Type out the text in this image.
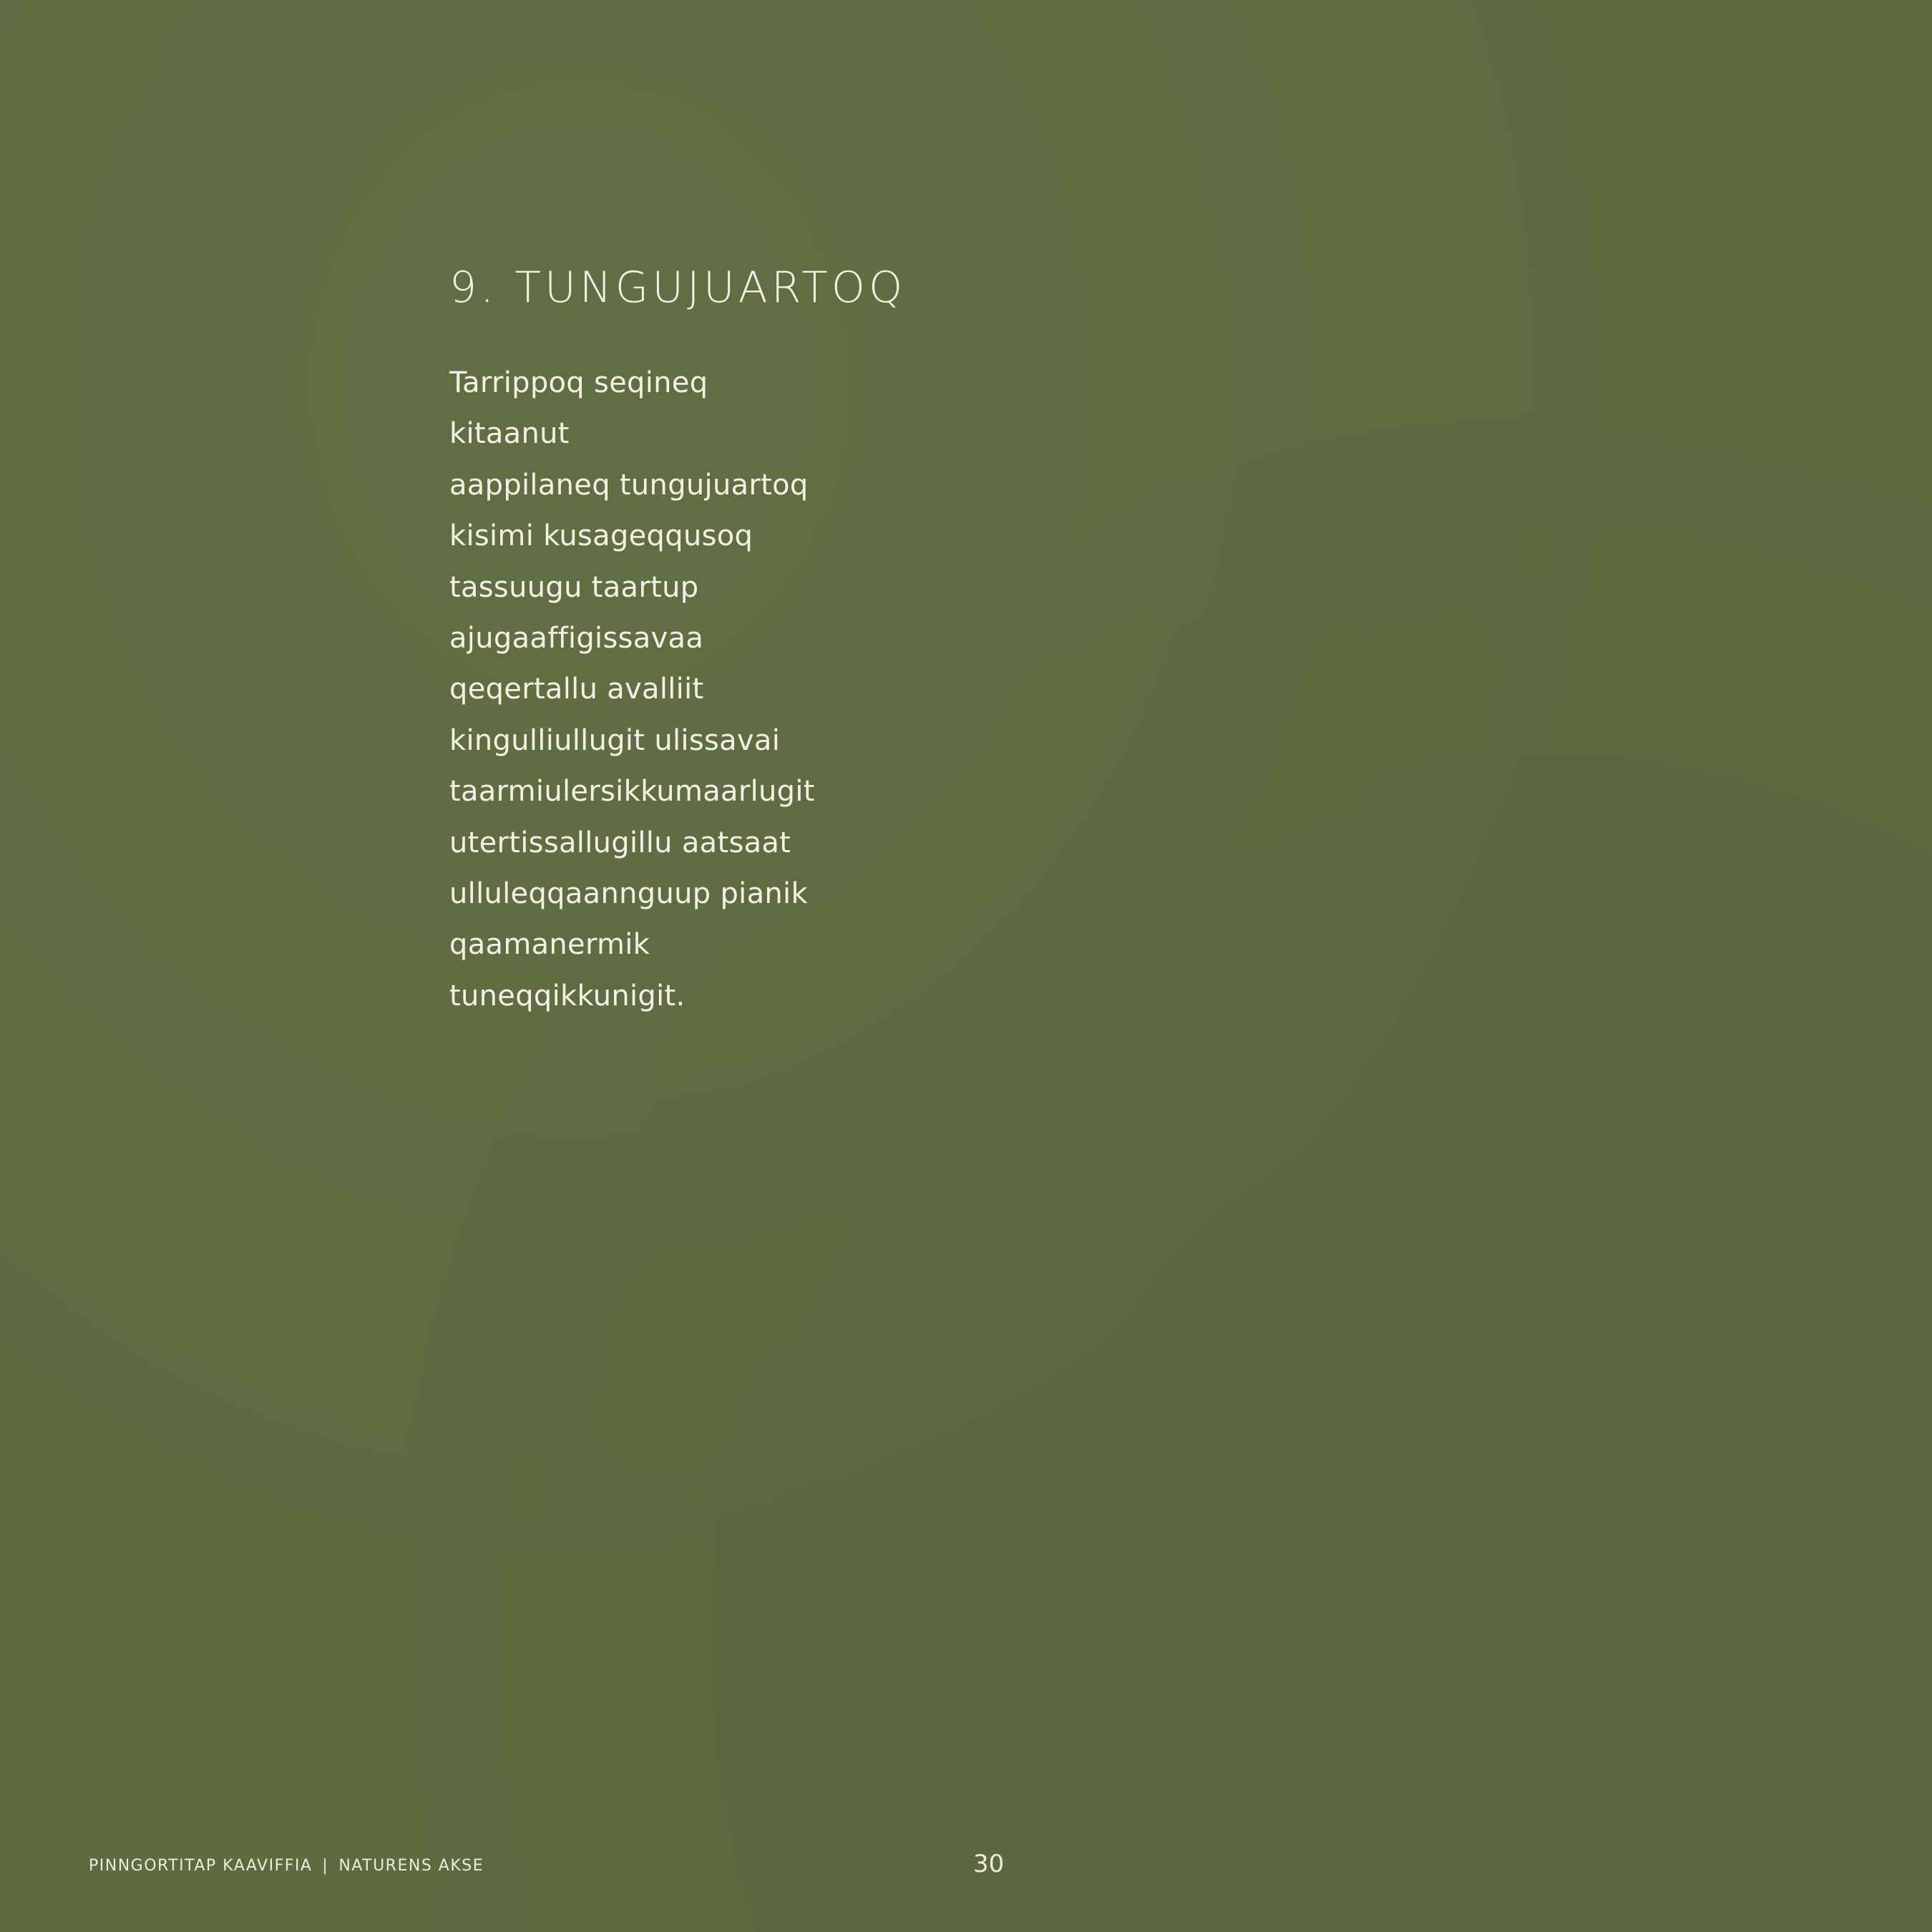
9. TUNGUJUARTOQ
Tarrippoq seqineq
kitaanut
aappilaneq tungujuartoq
kisimi kusageqqusoq
tassuugu taartup
ajugaaffigissavaa
qeqertallu avalliit
kingulliullugit ulissavai
taarmiulersikkumaarlugit
utertissallugillu aatsaat
ulluleqqaannguup pianik
qaamanermik
tuneqqikkunigit.
PINNGORTITAP KAAVIFFIA | NATURENS AKSE	30
